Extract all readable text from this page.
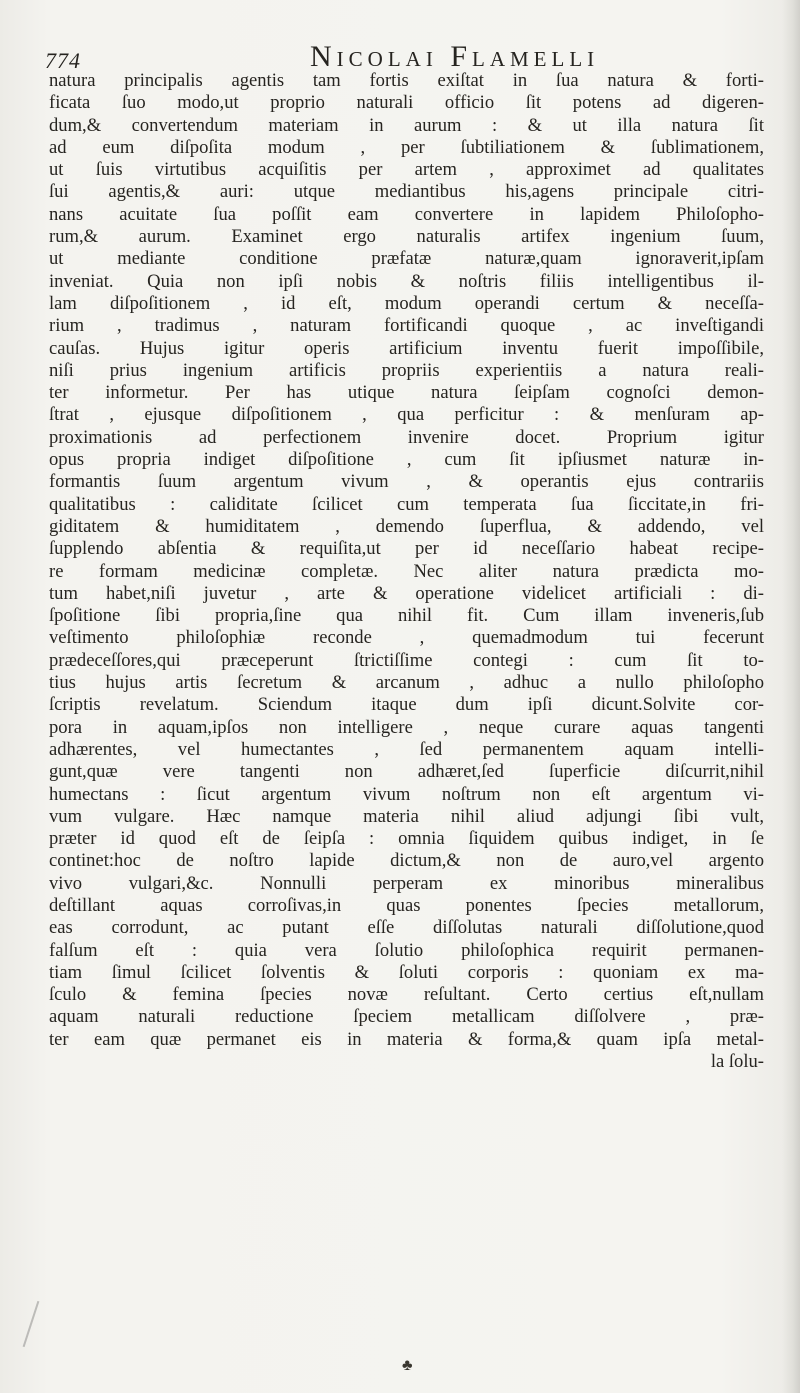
774	Nicolai Flamelli
natura principalis agentis tam fortis exiſtat in ſua natura & forti-
ficata ſuo modo,ut proprio naturali officio ſit potens ad digeren-
dum,& convertendum materiam in aurum : & ut illa natura ſit
ad eum diſpoſita modum , per ſubtiliationem & ſublimationem,
ut ſuis virtutibus acquiſitis per artem , approximet ad qualitates
ſui agentis,& auri: utque mediantibus his,agens principale citri-
nans acuitate ſua poſſit eam convertere in lapidem Philoſopho-
rum,& aurum. Examinet ergo naturalis artifex ingenium ſuum,
ut mediante conditione præfatæ naturæ,quam ignoraverit,ipſam
inveniat. Quia non ipſi nobis & noſtris filiis intelligentibus il-
lam diſpoſitionem , id eſt, modum operandi certum & neceſſa-
rium , tradimus , naturam fortificandi quoque , ac inveſtigandi
cauſas. Hujus igitur operis artificium inventu fuerit impoſſibile,
niſi prius ingenium artificis propriis experientiis a natura reali-
ter informetur. Per has utique natura ſeipſam cognoſci demon-
ſtrat , ejusque diſpoſitionem , qua perficitur : & menſuram ap-
proximationis ad perfectionem invenire docet. Proprium igitur
opus propria indiget diſpoſitione , cum ſit ipſiusmet naturæ in-
formantis ſuum argentum vivum , & operantis ejus contrariis
qualitatibus : caliditate ſcilicet cum temperata ſua ſiccitate,in fri-
giditatem & humiditatem , demendo ſuperflua, & addendo, vel
ſupplendo abſentia & requiſita,ut per id neceſſario habeat recipe-
re formam medicinæ completæ. Nec aliter natura prædicta mo-
tum habet,niſi juvetur , arte & operatione videlicet artificiali : di-
ſpoſitione ſibi propria,ſine qua nihil fit. Cum illam inveneris,ſub
veſtimento philoſophiæ reconde , quemadmodum tui fecerunt
prædeceſſores,qui præceperunt ſtrictiſſime contegi : cum ſit to-
tius hujus artis ſecretum & arcanum , adhuc a nullo philoſopho
ſcriptis revelatum. Sciendum itaque dum ipſi dicunt.Solvite cor-
pora in aquam,ipſos non intelligere , neque curare aquas tangenti
adhærentes, vel humectantes , ſed permanentem aquam intelli-
gunt,quæ vere tangenti non adhæret,ſed ſuperficie diſcurrit,nihil
humectans : ſicut argentum vivum noſtrum non eſt argentum vi-
vum vulgare. Hæc namque materia nihil aliud adjungi ſibi vult,
præter id quod eſt de ſeipſa : omnia ſiquidem quibus indiget, in ſe
continet:hoc de noſtro lapide dictum,& non de auro,vel argento
vivo vulgari,&c. Nonnulli perperam ex minoribus mineralibus
deſtillant aquas corroſivas,in quas ponentes ſpecies metallorum,
eas corrodunt, ac putant eſſe diſſolutas naturali diſſolutione,quod
falſum eſt : quia vera ſolutio philoſophica requirit permanen-
tiam ſimul ſcilicet ſolventis & ſoluti corporis : quoniam ex ma-
ſculo & femina ſpecies novæ reſultant. Certo certius eſt,nullam
aquam naturali reductione ſpeciem metallicam diſſolvere , præ-
ter eam quæ permanet eis in materia & forma,& quam ipſa metal-
la ſolu-
♣
